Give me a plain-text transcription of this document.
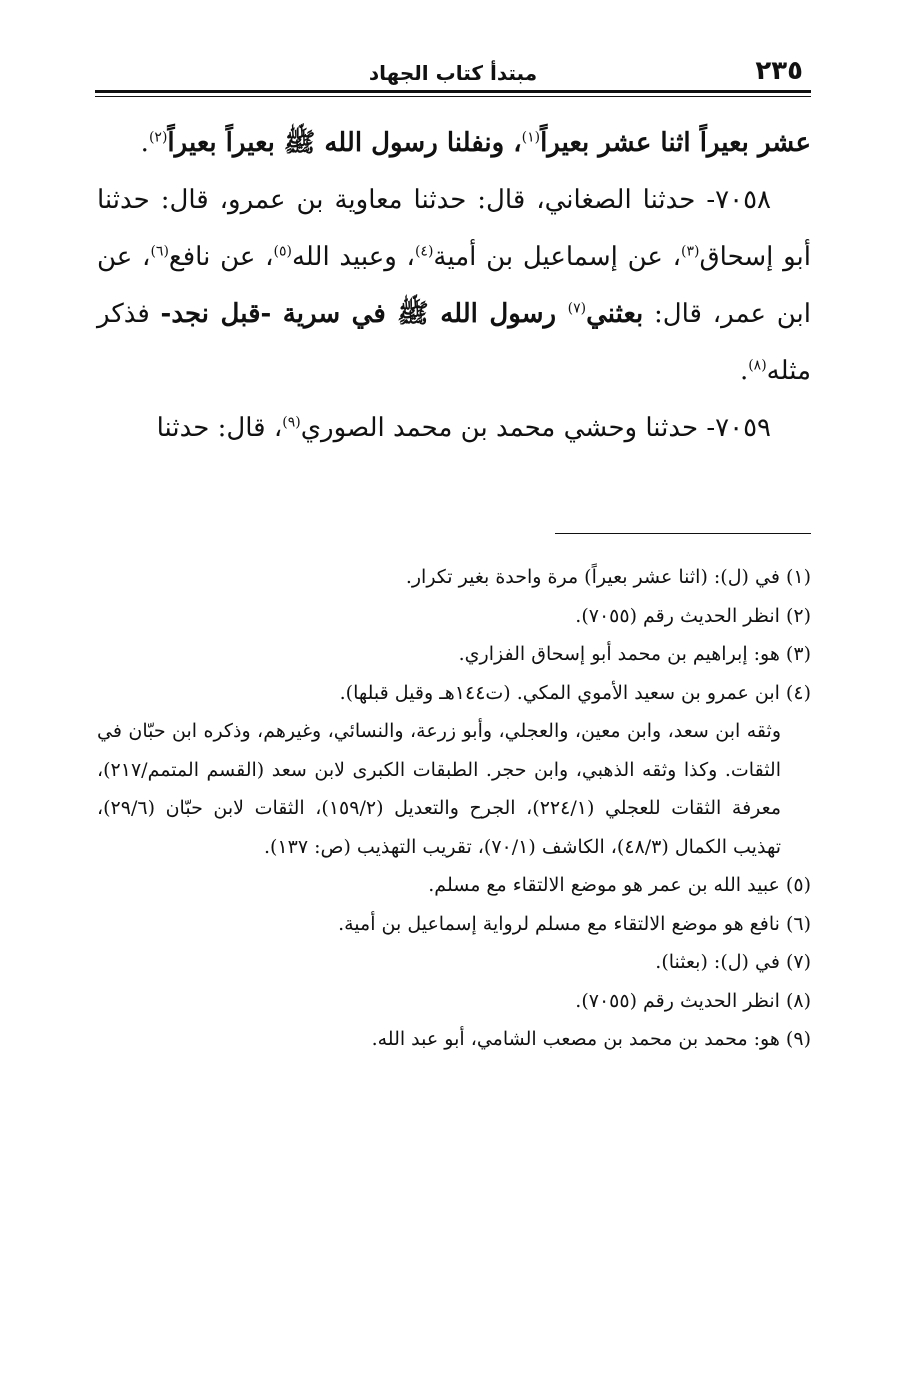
٢٣٥
مبتدأ كتاب الجهاد

عشر بعيراً اثنا عشر بعيراً$^{(١)}$، ونفلنا رسول الله ﷺ بعيراً بعيراً$^{(٢)}$.

٧٠٥٨- حدثنا الصغاني، قال: حدثنا معاوية بن عمرو، قال: حدثنا أبو إسحاق$^{(٣)}$، عن إسماعيل بن أمية$^{(٤)}$، وعبيد الله$^{(٥)}$، عن نافع$^{(٦)}$، عن ابن عمر، قال: بعثني$^{(٧)}$ رسول الله ﷺ في سرية -قبل نجد- فذكر مثله$^{(٨)}$.

٧٠٥٩- حدثنا وحشي محمد بن محمد الصوري$^{(٩)}$، قال: حدثنا

(١) في (ل): (اثنا عشر بعيراً) مرة واحدة بغير تكرار.

(٢) انظر الحديث رقم (٧٠٥٥).

(٣) هو: إبراهيم بن محمد أبو إسحاق الفزاري.

(٤) ابن عمرو بن سعيد الأموي المكي. (ت١٤٤هـ وقيل قبلها).

وثقه ابن سعد، وابن معين، والعجلي، وأبو زرعة، والنسائي، وغيرهم، وذكره ابن حبّان في الثقات. وكذا وثقه الذهبي، وابن حجر. الطبقات الكبرى لابن سعد (القسم المتمم/٢١٧)، معرفة الثقات للعجلي (٢٢٤/١)، الجرح والتعديل (١٥٩/٢)، الثقات لابن حبّان (٢٩/٦)، تهذيب الكمال (٤٨/٣)، الكاشف (٧٠/١)، تقريب التهذيب (ص: ١٣٧).

(٥) عبيد الله بن عمر هو موضع الالتقاء مع مسلم.

(٦) نافع هو موضع الالتقاء مع مسلم لرواية إسماعيل بن أمية.

(٧) في (ل): (بعثنا).

(٨) انظر الحديث رقم (٧٠٥٥).

(٩) هو: محمد بن محمد بن مصعب الشامي، أبو عبد الله.
